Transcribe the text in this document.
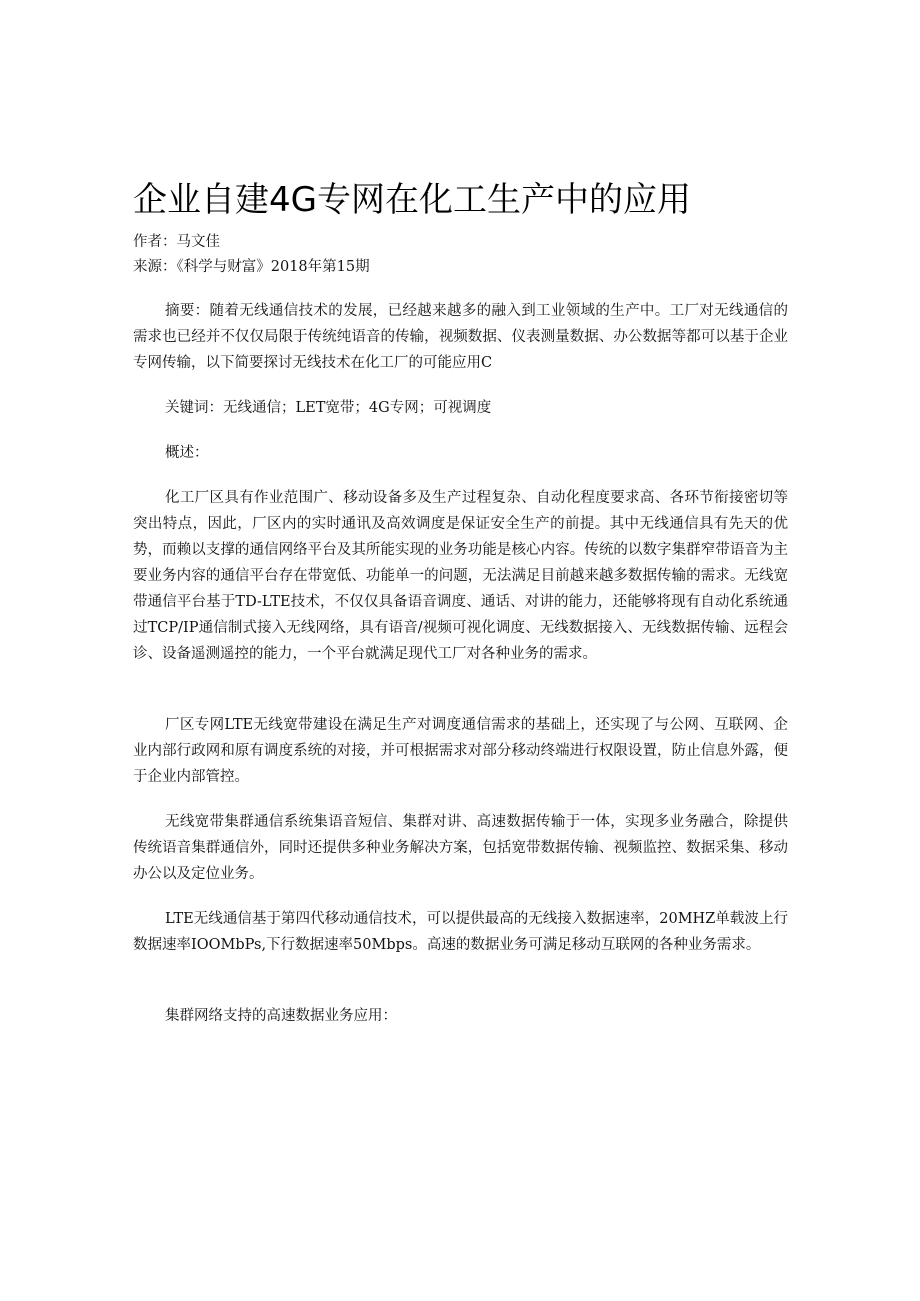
企业自建4G专网在化工生产中的应用
作者：马文佳
来源：《科学与财富》2018年第15期

摘要：随着无线通信技术的发展，已经越来越多的融入到工业领域的生产中。工厂对无线通信的需求也已经并不仅仅局限于传统纯语音的传输，视频数据、仪表测量数据、办公数据等都可以基于企业专网传输，以下简要探讨无线技术在化工厂的可能应用C

关键词：无线通信；LET宽带；4G专网；可视调度

概述：

化工厂区具有作业范围广、移动设备多及生产过程复杂、自动化程度要求高、各环节衔接密切等突出特点，因此，厂区内的实时通讯及高效调度是保证安全生产的前提。其中无线通信具有先天的优势，而赖以支撑的通信网络平台及其所能实现的业务功能是核心内容。传统的以数字集群窄带语音为主要业务内容的通信平台存在带宽低、功能单一的问题，无法满足目前越来越多数据传输的需求。无线宽带通信平台基于TD-LTE技术，不仅仅具备语音调度、通话、对讲的能力，还能够将现有自动化系统通过TCP/IP通信制式接入无线网络，具有语音/视频可视化调度、无线数据接入、无线数据传输、远程会诊、设备遥测遥控的能力，一个平台就满足现代工厂对各种业务的需求。

厂区专网LTE无线宽带建设在满足生产对调度通信需求的基础上，还实现了与公网、互联网、企业内部行政网和原有调度系统的对接，并可根据需求对部分移动终端进行权限设置，防止信息外露，便于企业内部管控。

无线宽带集群通信系统集语音短信、集群对讲、高速数据传输于一体，实现多业务融合，除提供传统语音集群通信外，同时还提供多种业务解决方案，包括宽带数据传输、视频监控、数据采集、移动办公以及定位业务。

LTE无线通信基于第四代移动通信技术，可以提供最高的无线接入数据速率，20MHZ单载波上行数据速率IOOMbPs,下行数据速率50Mbps。高速的数据业务可满足移动互联网的各种业务需求。

集群网络支持的高速数据业务应用：
